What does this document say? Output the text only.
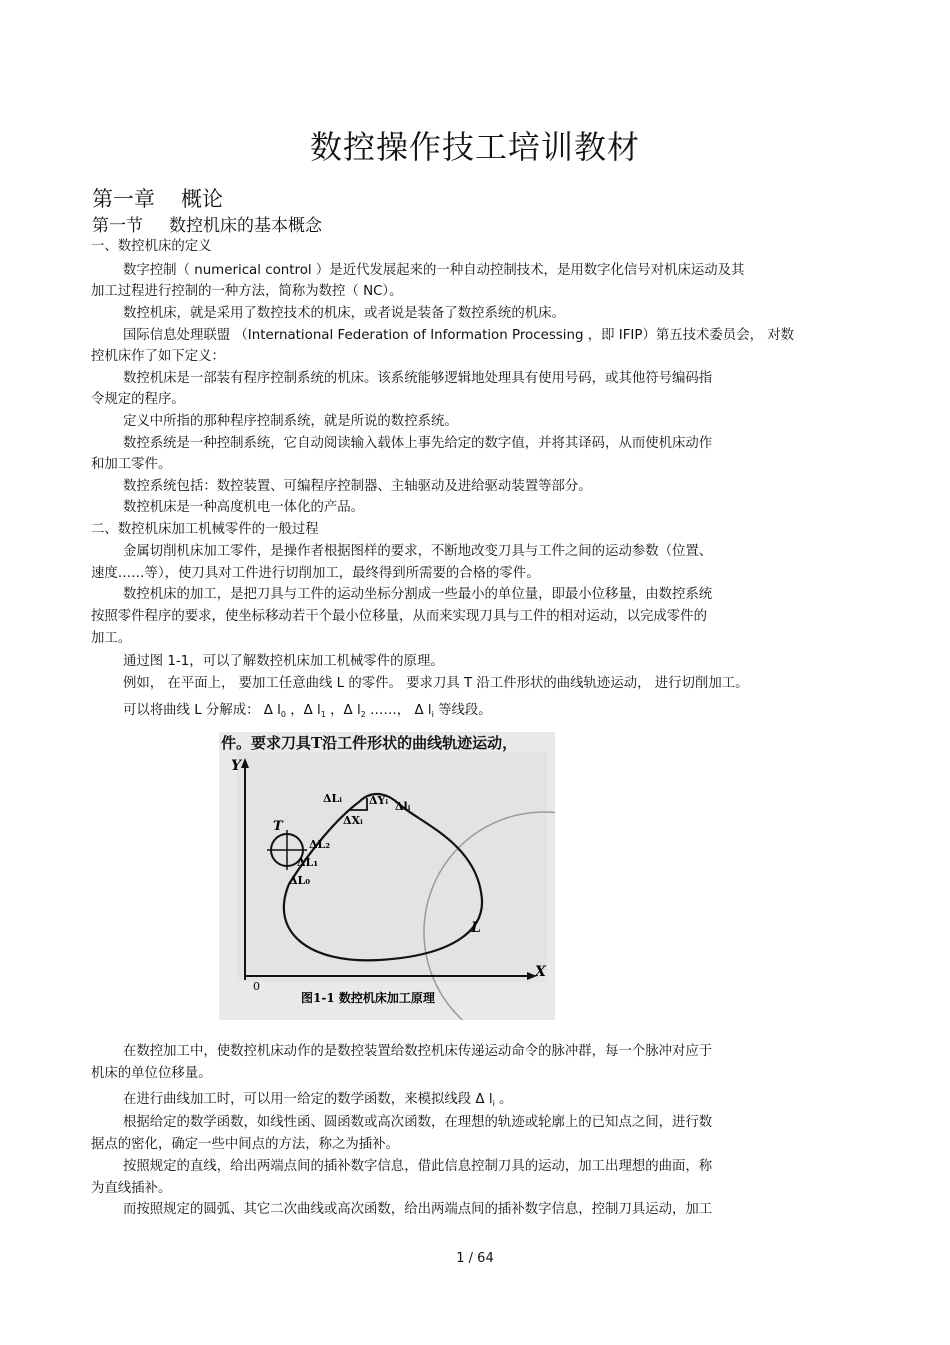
数控操作技工培训教材
第一章 概论
第一节 数控机床的基本概念
一、数控机床的定义
数字控制（ numerical control ）是近代发展起来的一种自动控制技术，是用数字化信号对机床运动及其
加工过程进行控制的一种方法，简称为数控（ NC）。
数控机床，就是采用了数控技术的机床，或者说是装备了数控系统的机床。
国际信息处理联盟 （International Federation of Information Processing ，即 IFIP）第五技术委员会， 对数
控机床作了如下定义：
数控机床是一部装有程序控制系统的机床。该系统能够逻辑地处理具有使用号码，或其他符号编码指
令规定的程序。
定义中所指的那种程序控制系统，就是所说的数控系统。
数控系统是一种控制系统，它自动阅读输入载体上事先给定的数字值，并将其译码，从而使机床动作
和加工零件。
数控系统包括：数控装置、可编程序控制器、主轴驱动及进给驱动装置等部分。
数控机床是一种高度机电一体化的产品。
二、数控机床加工机械零件的一般过程
金属切削机床加工零件，是操作者根据图样的要求，不断地改变刀具与工件之间的运动参数（位置、
速度……等），使刀具对工件进行切削加工，最终得到所需要的合格的零件。
数控机床的加工，是把刀具与工件的运动坐标分割成一些最小的单位量，即最小位移量，由数控系统
按照零件程序的要求，使坐标移动若干个最小位移量，从而来实现刀具与工件的相对运动，以完成零件的
加工。
通过图 1-1，可以了解数控机床加工机械零件的原理。
例如， 在平面上， 要加工任意曲线 L 的零件。 要求刀具 T 沿工件形状的曲线轨迹运动， 进行切削加工。
可以将曲线 L 分解成： Δ $l_0$ ，Δ $l_1$ ，Δ $l_2$ ……， Δ $l_i$ 等线段。
件。要求刀具T沿工件形状的曲线轨迹运动，
Y
X
0
T
L
ΔLᵢ ΔYᵢ
ΔXᵢ
Δlᵢ
ΔL₂
ΔL₁
ΔL₀
图1-1 数控机床加工原理
在数控加工中，使数控机床动作的是数控装置给数控机床传递运动命令的脉冲群，每一个脉冲对应于
机床的单位位移量。
在进行曲线加工时，可以用一给定的数学函数，来模拟线段 Δ $l_i$ 。
根据给定的数学函数，如线性函、圆函数或高次函数，在理想的轨迹或轮廓上的已知点之间，进行数
据点的密化，确定一些中间点的方法，称之为插补。
按照规定的直线，给出两端点间的插补数字信息，借此信息控制刀具的运动，加工出理想的曲面，称
为直线插补。
而按照规定的圆弧、其它二次曲线或高次函数，给出两端点间的插补数字信息，控制刀具运动，加工
1 / 64
